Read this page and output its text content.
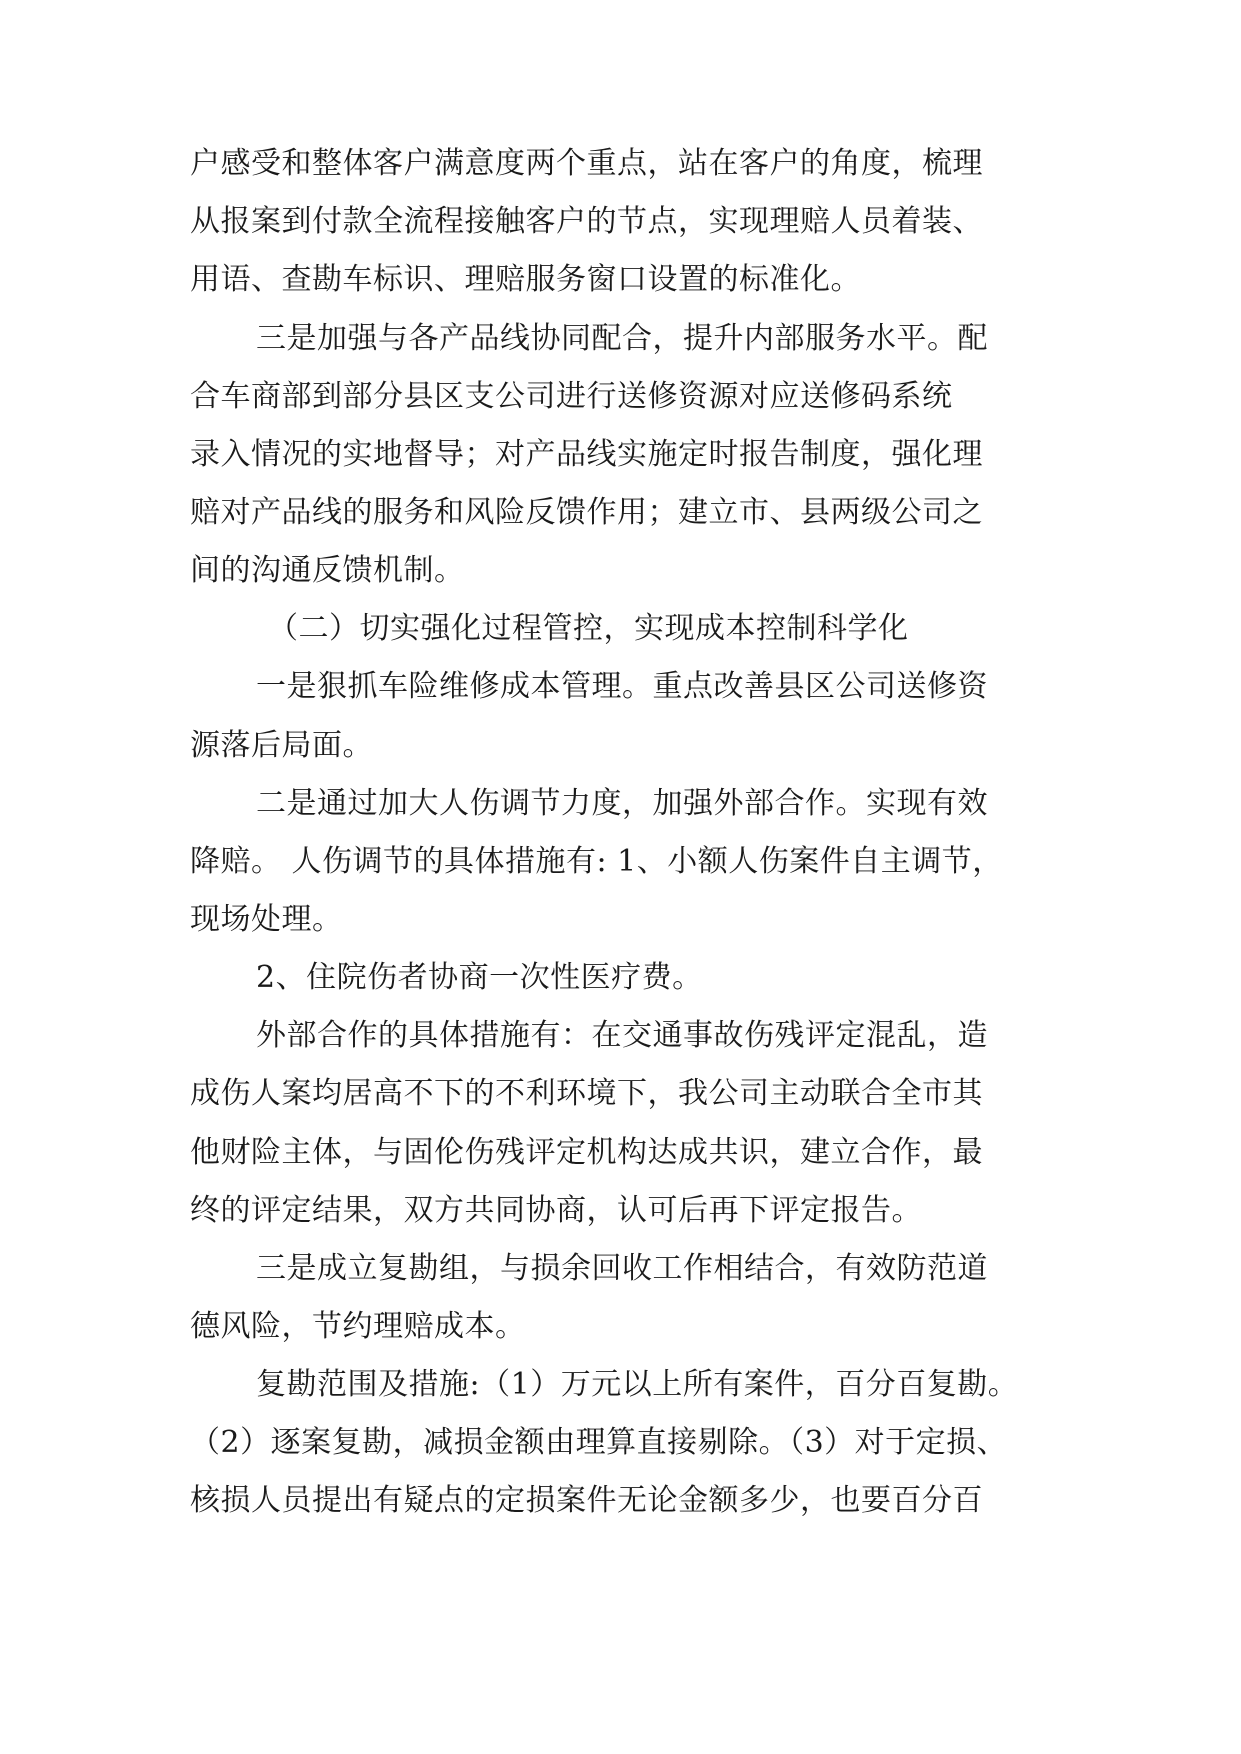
户感受和整体客户满意度两个重点，站在客户的角度，梳理
从报案到付款全流程接触客户的节点，实现理赔人员着装、
用语、查勘车标识、理赔服务窗口设置的标准化。
三是加强与各产品线协同配合，提升内部服务水平。配
合车商部到部分县区支公司进行送修资源对应送修码系统
录入情况的实地督导；对产品线实施定时报告制度，强化理
赔对产品线的服务和风险反馈作用；建立市、县两级公司之
间的沟通反馈机制。
（二）切实强化过程管控，实现成本控制科学化
一是狠抓车险维修成本管理。重点改善县区公司送修资
源落后局面。
二是通过加大人伤调节力度，加强外部合作。实现有效
降赔。 人伤调节的具体措施有: 1、小额人伤案件自主调节，
现场处理。
2、住院伤者协商一次性医疗费。
外部合作的具体措施有：在交通事故伤残评定混乱，造
成伤人案均居高不下的不利环境下，我公司主动联合全市其
他财险主体，与固伦伤残评定机构达成共识，建立合作，最
终的评定结果，双方共同协商，认可后再下评定报告。
三是成立复勘组，与损余回收工作相结合，有效防范道
德风险，节约理赔成本。
复勘范围及措施:（1）万元以上所有案件，百分百复勘。
（2）逐案复勘，减损金额由理算直接剔除。（3）对于定损、
核损人员提出有疑点的定损案件无论金额多少，也要百分百
